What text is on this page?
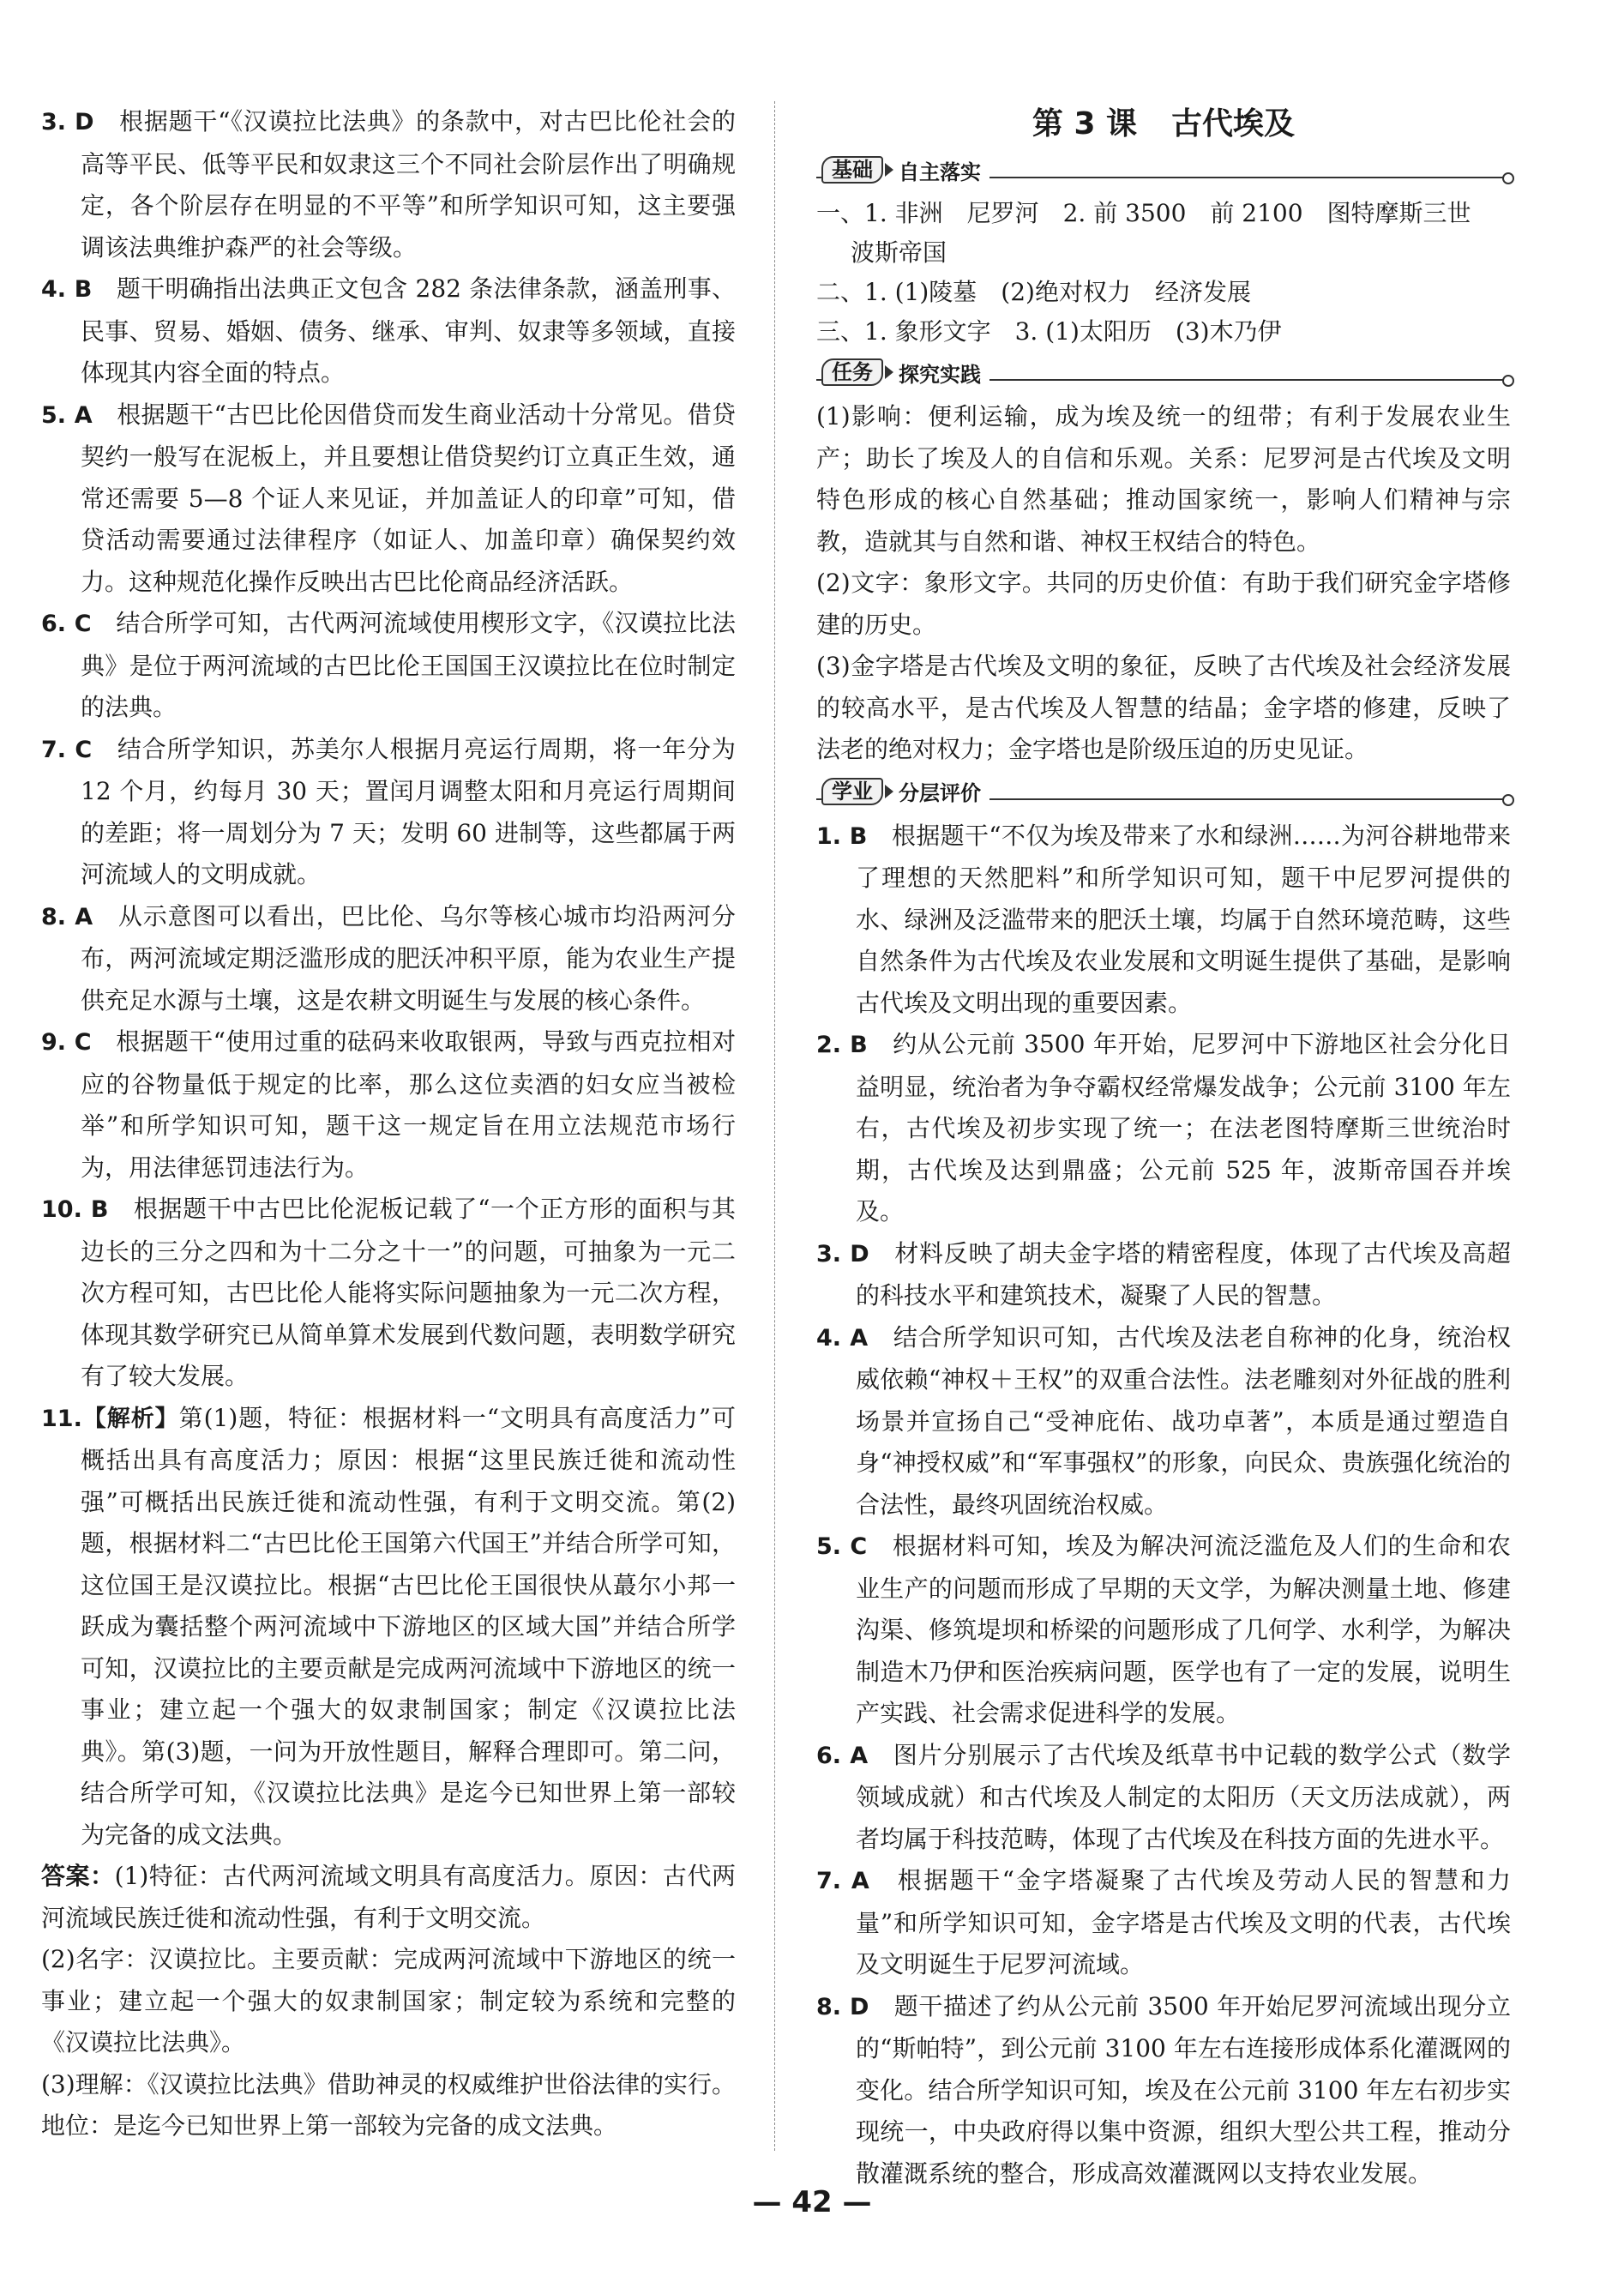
3. D　 根据题干“《汉谟拉比法典》的条款中，对古巴比伦社会的高等平民、低等平民和奴隶这三个不同社会阶层作出了明确规定，各个阶层存在明显的不平等”和所学知识可知，这主要强调该法典维护森严的社会等级。

4. B　 题干明确指出法典正文包含 282 条法律条款，涵盖刑事、民事、贸易、婚姻、债务、继承、审判、奴隶等多领域，直接体现其内容全面的特点。

5. A　 根据题干“古巴比伦因借贷而发生商业活动十分常见。借贷契约一般写在泥板上，并且要想让借贷契约订立真正生效，通常还需要 5—8 个证人来见证，并加盖证人的印章”可知，借贷活动需要通过法律程序（如证人、加盖印章）确保契约效力。这种规范化操作反映出古巴比伦商品经济活跃。

6. C　 结合所学可知，古代两河流域使用楔形文字，《汉谟拉比法典》是位于两河流域的古巴比伦王国国王汉谟拉比在位时制定的法典。

7. C　 结合所学知识，苏美尔人根据月亮运行周期，将一年分为 12 个月，约每月 30 天；置闰月调整太阳和月亮运行周期间的差距；将一周划分为 7 天；发明 60 进制等，这些都属于两河流域人的文明成就。

8. A　 从示意图可以看出，巴比伦、乌尔等核心城市均沿两河分布，两河流域定期泛滥形成的肥沃冲积平原，能为农业生产提供充足水源与土壤，这是农耕文明诞生与发展的核心条件。

9. C　 根据题干“使用过重的砝码来收取银两，导致与西克拉相对应的谷物量低于规定的比率，那么这位卖酒的妇女应当被检举”和所学知识可知，题干这一规定旨在用立法规范市场行为，用法律惩罚违法行为。

10. B　 根据题干中古巴比伦泥板记载了“一个正方形的面积与其边长的三分之四和为十二分之十一”的问题，可抽象为一元二次方程可知，古巴比伦人能将实际问题抽象为一元二次方程，体现其数学研究已从简单算术发展到代数问题，表明数学研究有了较大发展。

11.【解析】第(1)题，特征：根据材料一“文明具有高度活力”可概括出具有高度活力；原因：根据“这里民族迁徙和流动性强”可概括出民族迁徙和流动性强，有利于文明交流。第(2)题，根据材料二“古巴比伦王国第六代国王”并结合所学可知，这位国王是汉谟拉比。根据“古巴比伦王国很快从蕞尔小邦一跃成为囊括整个两河流域中下游地区的区域大国”并结合所学可知，汉谟拉比的主要贡献是完成两河流域中下游地区的统一事业；建立起一个强大的奴隶制国家；制定《汉谟拉比法典》。第(3)题，一问为开放性题目，解释合理即可。第二问，结合所学可知，《汉谟拉比法典》是迄今已知世界上第一部较为完备的成文法典。

答案：(1)特征：古代两河流域文明具有高度活力。原因：古代两河流域民族迁徙和流动性强，有利于文明交流。

(2)名字：汉谟拉比。主要贡献：完成两河流域中下游地区的统一事业；建立起一个强大的奴隶制国家；制定较为系统和完整的《汉谟拉比法典》。

(3)理解：《汉谟拉比法典》借助神灵的权威维护世俗法律的实行。地位：是迄今已知世界上第一部较为完备的成文法典。

第 3 课 古代埃及
基础	自主落实

一、1. 非洲　尼罗河　2. 前 3500　前 2100　图特摩斯三世

波斯帝国

二、1. (1)陵墓　(2)绝对权力　经济发展

三、1. 象形文字　3. (1)太阳历　(3)木乃伊

任务	探究实践

(1)影响：便利运输，成为埃及统一的纽带；有利于发展农业生产；助长了埃及人的自信和乐观。关系：尼罗河是古代埃及文明特色形成的核心自然基础；推动国家统一，影响人们精神与宗教，造就其与自然和谐、神权王权结合的特色。

(2)文字：象形文字。共同的历史价值：有助于我们研究金字塔修建的历史。

(3)金字塔是古代埃及文明的象征，反映了古代埃及社会经济发展的较高水平，是古代埃及人智慧的结晶；金字塔的修建，反映了法老的绝对权力；金字塔也是阶级压迫的历史见证。

学业	分层评价

1. B　 根据题干“不仅为埃及带来了水和绿洲……为河谷耕地带来了理想的天然肥料”和所学知识可知，题干中尼罗河提供的水、绿洲及泛滥带来的肥沃土壤，均属于自然环境范畴，这些自然条件为古代埃及农业发展和文明诞生提供了基础，是影响古代埃及文明出现的重要因素。

2. B　 约从公元前 3500 年开始，尼罗河中下游地区社会分化日益明显，统治者为争夺霸权经常爆发战争；公元前 3100 年左右，古代埃及初步实现了统一；在法老图特摩斯三世统治时期，古代埃及达到鼎盛；公元前 525 年，波斯帝国吞并埃及。

3. D　 材料反映了胡夫金字塔的精密程度，体现了古代埃及高超的科技水平和建筑技术，凝聚了人民的智慧。

4. A　 结合所学知识可知，古代埃及法老自称神的化身，统治权威依赖“神权＋王权”的双重合法性。法老雕刻对外征战的胜利场景并宣扬自己“受神庇佑、战功卓著”，本质是通过塑造自身“神授权威”和“军事强权”的形象，向民众、贵族强化统治的合法性，最终巩固统治权威。

5. C　 根据材料可知，埃及为解决河流泛滥危及人们的生命和农业生产的问题而形成了早期的天文学，为解决测量土地、修建沟渠、修筑堤坝和桥梁的问题形成了几何学、水利学，为解决制造木乃伊和医治疾病问题，医学也有了一定的发展，说明生产实践、社会需求促进科学的发展。

6. A　 图片分别展示了古代埃及纸草书中记载的数学公式（数学领域成就）和古代埃及人制定的太阳历（天文历法成就），两者均属于科技范畴，体现了古代埃及在科技方面的先进水平。

7. A　 根据题干“金字塔凝聚了古代埃及劳动人民的智慧和力量”和所学知识可知，金字塔是古代埃及文明的代表，古代埃及文明诞生于尼罗河流域。

8. D　 题干描述了约从公元前 3500 年开始尼罗河流域出现分立的“斯帕特”，到公元前 3100 年左右连接形成体系化灌溉网的变化。结合所学知识可知，埃及在公元前 3100 年左右初步实现统一，中央政府得以集中资源，组织大型公共工程，推动分散灌溉系统的整合，形成高效灌溉网以支持农业发展。

— 42 —
